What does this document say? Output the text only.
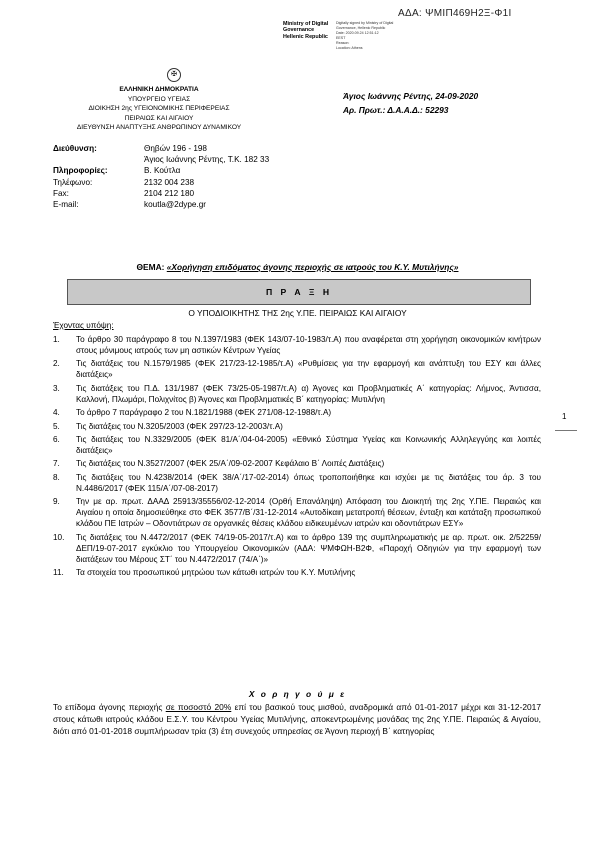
ΑΔΑ: ΨΜΙΠ469Η2Ξ-Φ1Ι
Ministry of Digital
Governance
Hellenic Republic
Digitally signed by Ministry of Digital
Governance, Hellenic Republic
Date: 2020.09.24 12:51:12
EEST
Reason:
Location: Athens
✠
ΕΛΛΗΝΙΚΗ ΔΗΜΟΚΡΑΤΙΑ
ΥΠΟΥΡΓΕΙΟ ΥΓΕΙΑΣ
ΔΙΟΙΚΗΣΗ 2ης ΥΓΕΙΟΝΟΜΙΚΗΣ ΠΕΡΙΦΕΡΕΙΑΣ
ΠΕΙΡΑΙΩΣ ΚΑΙ ΑΙΓΑΙΟΥ
ΔΙΕΥΘΥΝΣΗ ΑΝΑΠΤΥΞΗΣ ΑΝΘΡΩΠΙΝΟΥ ΔΥΝΑΜΙΚΟΥ
Άγιος Ιωάννης Ρέντης, 24-09-2020
Αρ. Πρωτ.: Δ.Α.Α.Δ.: 52293
Διεύθυνση:	Θηβών 196 - 198
	Άγιος Ιωάννης Ρέντης, Τ.Κ. 182 33
Πληροφορίες:	Β. Κούτλα
Τηλέφωνο:	2132 004 238
Fax:	2104 212 180
E-mail:	koutla@2dype.gr
ΘΕΜΑ: «Χορήγηση επιδόματος άγονης περιοχής σε ιατρούς του Κ.Υ. Μυτιλήνης»
Π Ρ Α Ξ Η
Ο ΥΠΟΔΙΟΙΚΗΤΗΣ ΤΗΣ 2ης Υ.ΠΕ. ΠΕΙΡΑΙΩΣ ΚΑΙ ΑΙΓΑΙΟΥ
Έχοντας υπόψη:
1. Το άρθρο 30 παράγραφο 8 του Ν.1397/1983 (ΦΕΚ 143/07-10-1983/τ.Α) που αναφέρεται στη χορήγηση οικονομικών κινήτρων στους μόνιμους ιατρούς των μη αστικών Κέντρων Υγείας
2. Τις διατάξεις του Ν.1579/1985 (ΦΕΚ 217/23-12-1985/τ.Α) «Ρυθμίσεις για την εφαρμογή και ανάπτυξη του ΕΣΥ και άλλες διατάξεις»
3. Τις διατάξεις του Π.Δ. 131/1987 (ΦΕΚ 73/25-05-1987/τ.Α) α) Άγονες και Προβληματικές Α΄ κατηγορίας: Λήμνος, Άντισσα, Καλλονή, Πλωμάρι, Πολιχνίτος β) Άγονες και Προβληματικές Β΄ κατηγορίας: Μυτιλήνη
4. Το άρθρο 7 παράγραφο 2 του Ν.1821/1988 (ΦΕΚ 271/08-12-1988/τ.Α)
5. Τις διατάξεις του Ν.3205/2003 (ΦΕΚ 297/23-12-2003/τ.Α)
6. Τις διατάξεις του Ν.3329/2005 (ΦΕΚ 81/Α΄/04-04-2005) «Εθνικό Σύστημα Υγείας και Κοινωνικής Αλληλεγγύης και λοιπές διατάξεις»
7. Τις διατάξεις του Ν.3527/2007 (ΦΕΚ 25/Α΄/09-02-2007 Κεφάλαιο Β΄ Λοιπές Διατάξεις)
8. Τις διατάξεις του Ν.4238/2014 (ΦΕΚ 38/Α΄/17-02-2014) όπως τροποποιήθηκε και ισχύει με τις διατάξεις του άρ. 3 του Ν.4486/2017 (ΦΕΚ 115/Α΄/07-08-2017)
9. Την με αρ. πρωτ. ΔΑΑΔ 25913/35556/02-12-2014 (Ορθή Επανάληψη) Απόφαση του Διοικητή της 2ης Υ.ΠΕ. Πειραιώς και Αιγαίου η οποία δημοσιεύθηκε στο ΦΕΚ 3577/Β΄/31-12-2014 «Αυτοδίκαιη μετατροπή θέσεων, ένταξη και κατάταξη προσωπικού κλάδου ΠΕ Ιατρών – Οδοντιάτρων σε οργανικές θέσεις κλάδου ειδικευμένων ιατρών και οδοντιάτρων ΕΣΥ»
10. Τις διατάξεις του Ν.4472/2017 (ΦΕΚ 74/19-05-2017/τ.Α) και το άρθρο 139 της συμπληρωματικής με αρ. πρωτ. οικ. 2/52259/ΔΕΠ/19-07-2017 εγκύκλιο του Υπουργείου Οικονομικών (ΑΔΑ: ΨΜΦΩΗ-Β2Φ, «Παροχή Οδηγιών για την εφαρμογή των διατάξεων του Μέρους ΣΤ΄ του Ν.4472/2017 (74/Α΄)»
11. Τα στοιχεία του προσωπικού μητρώου των κάτωθι ιατρών του Κ.Υ. Μυτιλήνης
1
Χ ο ρ η γ ο ύ μ ε
Το επίδομα άγονης περιοχής σε ποσοστό 20% επί του βασικού τους μισθού, αναδρομικά από 01-01-2017 μέχρι και 31-12-2017 στους κάτωθι ιατρούς κλάδου Ε.Σ.Υ. του Κέντρου Υγείας Μυτιλήνης, αποκεντρωμένης μονάδας της 2ης Υ.ΠΕ. Πειραιώς & Αιγαίου, διότι από 01-01-2018 συμπλήρωσαν τρία (3) έτη συνεχούς υπηρεσίας σε Άγονη περιοχή Β΄ κατηγορίας
